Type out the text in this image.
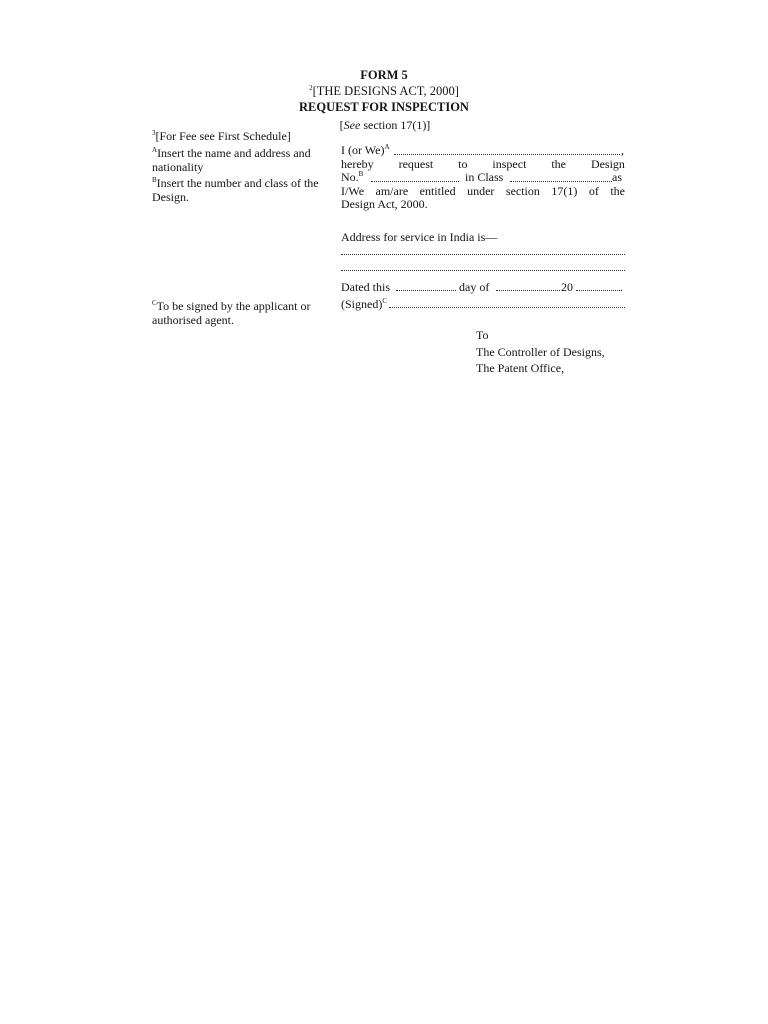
FORM 5
$^2$[THE DESIGNS ACT, 2000]
REQUEST FOR INSPECTION
[See section 17(1)]
$^3$[For Fee see First Schedule]
$^A$Insert the name and address and nationality
$^B$Insert the number and class of the Design.
$^C$To be signed by the applicant or authorised agent.
I (or We)$^A$	,
hereby request to inspect the Design
No.$^B$	in Class	as
I/We am/are entitled under section 17(1) of the
Design Act, 2000.
Address for service in India is—
Dated this	day of	20	.
(Signed)$^C$
To
The Controller of Designs,
The Patent Office,
